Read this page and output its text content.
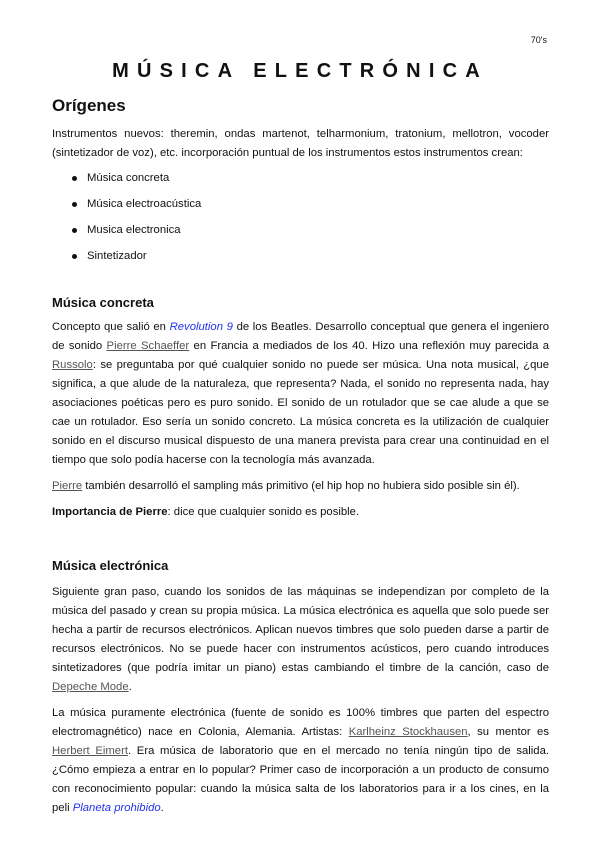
70's
MÚSICA ELECTRÓNICA
Orígenes

Instrumentos nuevos: theremin, ondas martenot, telharmonium, tratonium, mellotron, vocoder (sintetizador de voz), etc. incorporación puntual de los instrumentos estos instrumentos crean:

Música concreta
Música electroacústica
Musica electronica
Sintetizador
Música concreta

Concepto que salió en Revolution 9 de los Beatles. Desarrollo conceptual que genera el ingeniero de sonido Pierre Schaeffer en Francia a mediados de los 40. Hizo una reflexión muy parecida a Russolo: se preguntaba por qué cualquier sonido no puede ser música. Una nota musical, ¿que significa, a que alude de la naturaleza, que representa? Nada, el sonido no representa nada, hay asociaciones poéticas pero es puro sonido. El sonido de un rotulador que se cae alude a que se cae un rotulador. Eso sería un sonido concreto. La música concreta es la utilización de cualquier sonido en el discurso musical dispuesto de una manera prevista para crear una continuidad en el tiempo que solo podía hacerse con la tecnología más avanzada.

Pierre también desarrolló el sampling más primitivo (el hip hop no hubiera sido posible sin él).

Importancia de Pierre: dice que cualquier sonido es posible.

Música electrónica

Siguiente gran paso, cuando los sonidos de las máquinas se independizan por completo de la música del pasado y crean su propia música. La música electrónica es aquella que solo puede ser hecha a partir de recursos electrónicos. Aplican nuevos timbres que solo pueden darse a partir de recursos electrónicos. No se puede hacer con instrumentos acústicos, pero cuando introduces sintetizadores (que podría imitar un piano) estas cambiando el timbre de la canción, caso de Depeche Mode.

La música puramente electrónica (fuente de sonido es 100% timbres que parten del espectro electromagnético) nace en Colonia, Alemania. Artistas: Karlheinz Stockhausen, su mentor es Herbert Eimert. Era música de laboratorio que en el mercado no tenía ningún tipo de salida. ¿Cómo empieza a entrar en lo popular? Primer caso de incorporación a un producto de consumo con reconocimiento popular: cuando la música salta de los laboratorios para ir a los cines, en la peli Planeta prohibido.
